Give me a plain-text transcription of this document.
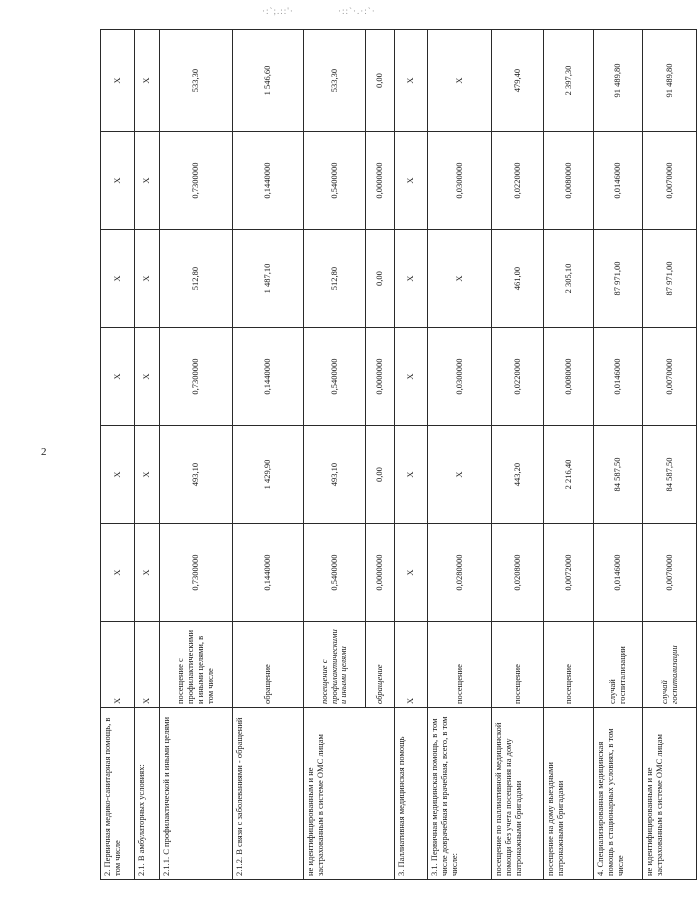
·:`;.::'·	·::`·.·:`·
2
2. Первичная медико-санитарная помощь, в том числе	Х	Х	Х	Х	Х	Х	Х
2.1. В амбулаторных условиях:	Х	Х	Х	Х	Х	Х	Х
2.1.1. С профилактической и иными целями	посещение с профилактическими и иными целями, в том числе	0,7300000	493,10	0,7300000	512,80	0,7300000	533,30
2.1.2. В связи с заболеваниями - обращений	обращение	0,1440000	1 429,90	0,1440000	1 487,10	0,1440000	1 546,60
не идентифицированным и не застрахованным в системе ОМС лицам	посещение с профилактическими и иными целями	0,5400000	493,10	0,5400000	512,80	0,5400000	533,30
	обращение	0,0000000	0,00	0,0000000	0,00	0,0000000	0,00
3. Паллиативная медицинская помощь	Х	Х	Х	Х	Х	Х	Х
3.1. Первичная медицинская помощь, в том числе доврачебная и врачебная, всего, в том числе:	посещение	0,0280000	Х	0,0300000	Х	0,0300000	Х
посещение по паллиативной медицинской помощи без учета посещения на дому патронажными бригадами	посещение	0,0208000	443,20	0,0220000	461,00	0,0220000	479,40
посещение на дому выездными патронажными бригадами	посещение	0,0072000	2 216,40	0,0080000	2 305,10	0,0080000	2 397,30
4. Специализированная медицинская помощь в стационарных условиях, в том числе	случай госпитализации	0,0146000	84 587,50	0,0146000	87 971,00	0,0146000	91 489,80
не идентифицированным и не застрахованным в системе ОМС лицам	случай госпитализации	0,0070000	84 587,50	0,0070000	87 971,00	0,0070000	91 489,80
